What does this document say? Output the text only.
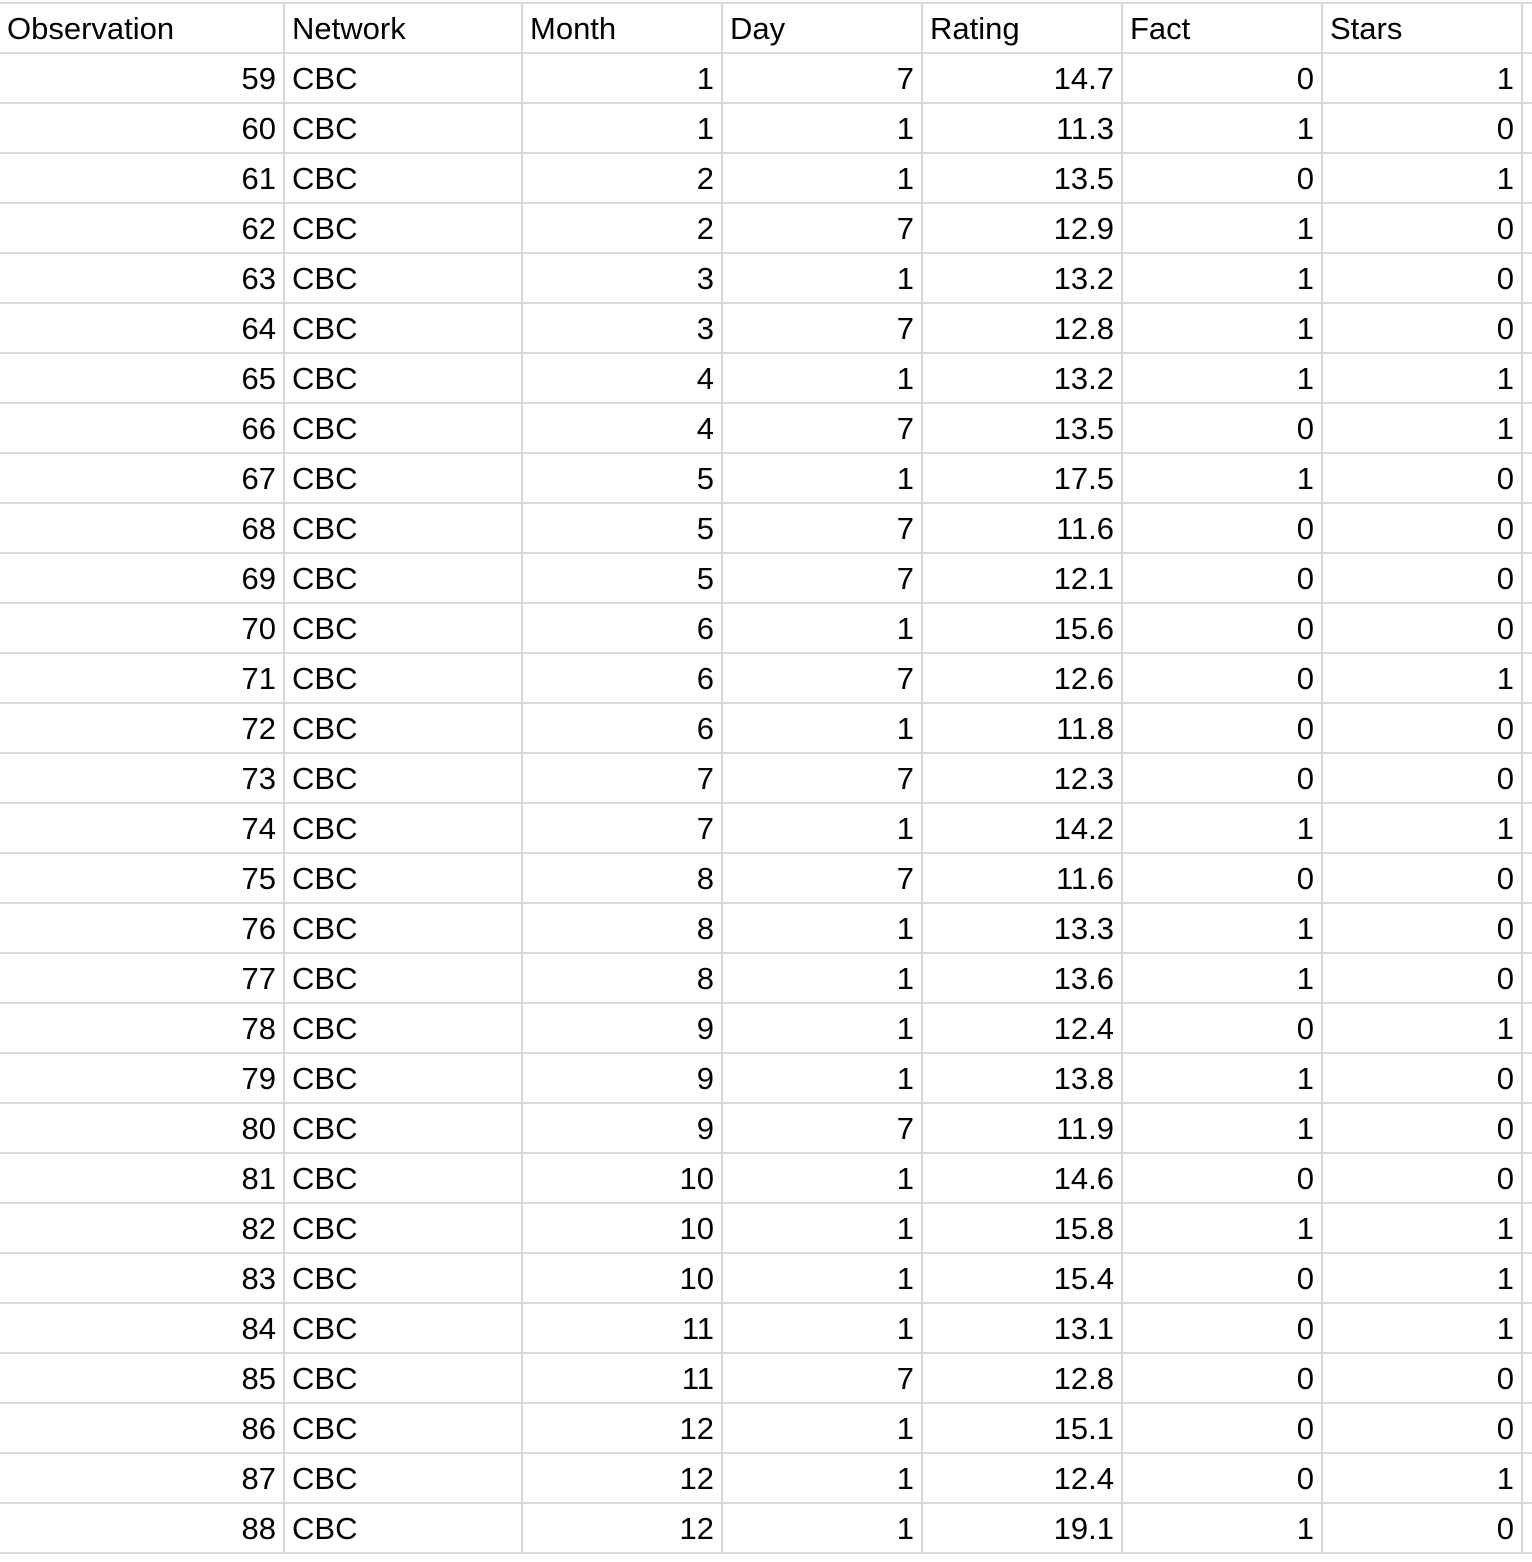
Observation	Network	Month	Day	Rating	Fact	Stars
59 CBC	1	7	14.7	0	1
60 CBC	1	1	11.3	1	0
61 CBC	2	1	13.5	0	1
62 CBC	2	7	12.9	1	0
63 CBC	3	1	13.2	1	0
64 CBC	3	7	12.8	1	0
65 CBC	4	1	13.2	1	1
66 CBC	4	7	13.5	0	1
67 CBC	5	1	17.5	1	0
68 CBC	5	7	11.6	0	0
69 CBC	5	7	12.1	0	0
70 CBC	6	1	15.6	0	0
71 CBC	6	7	12.6	0	1
72 CBC	6	1	11.8	0	0
73 CBC	7	7	12.3	0	0
74 CBC	7	1	14.2	1	1
75 CBC	8	7	11.6	0	0
76 CBC	8	1	13.3	1	0
77 CBC	8	1	13.6	1	0
78 CBC	9	1	12.4	0	1
79 CBC	9	1	13.8	1	0
80 CBC	9	7	11.9	1	0
81 CBC	10	1	14.6	0	0
82 CBC	10	1	15.8	1	1
83 CBC	10	1	15.4	0	1
84 CBC	11	1	13.1	0	1
85 CBC	11	7	12.8	0	0
86 CBC	12	1	15.1	0	0
87 CBC	12	1	12.4	0	1
88 CBC	12	1	19.1	1	0
